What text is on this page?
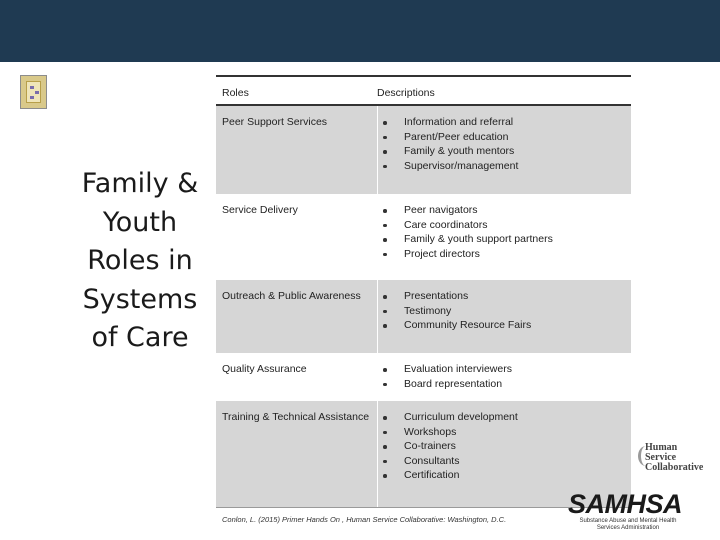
Family &
Youth
Roles in
Systems
of Care
Roles	Descriptions
Peer Support Services	Information and referral
Parent/Peer education
Family & youth mentors
Supervisor/management
Service Delivery	Peer navigators
Care coordinators
Family & youth support partners
Project directors
Outreach & Public Awareness	Presentations
Testimony
Community Resource Fairs
Quality Assurance	Evaluation interviewers
Board representation
Training & Technical Assistance	Curriculum development
Workshops
Co-trainers
Consultants
Certification
Conlon, L. (2015) Primer Hands On , Human Service Collaborative: Washington, D.C.
Human
Service
Collaborative
SAMHSA
Substance Abuse and Mental Health Services Administration
